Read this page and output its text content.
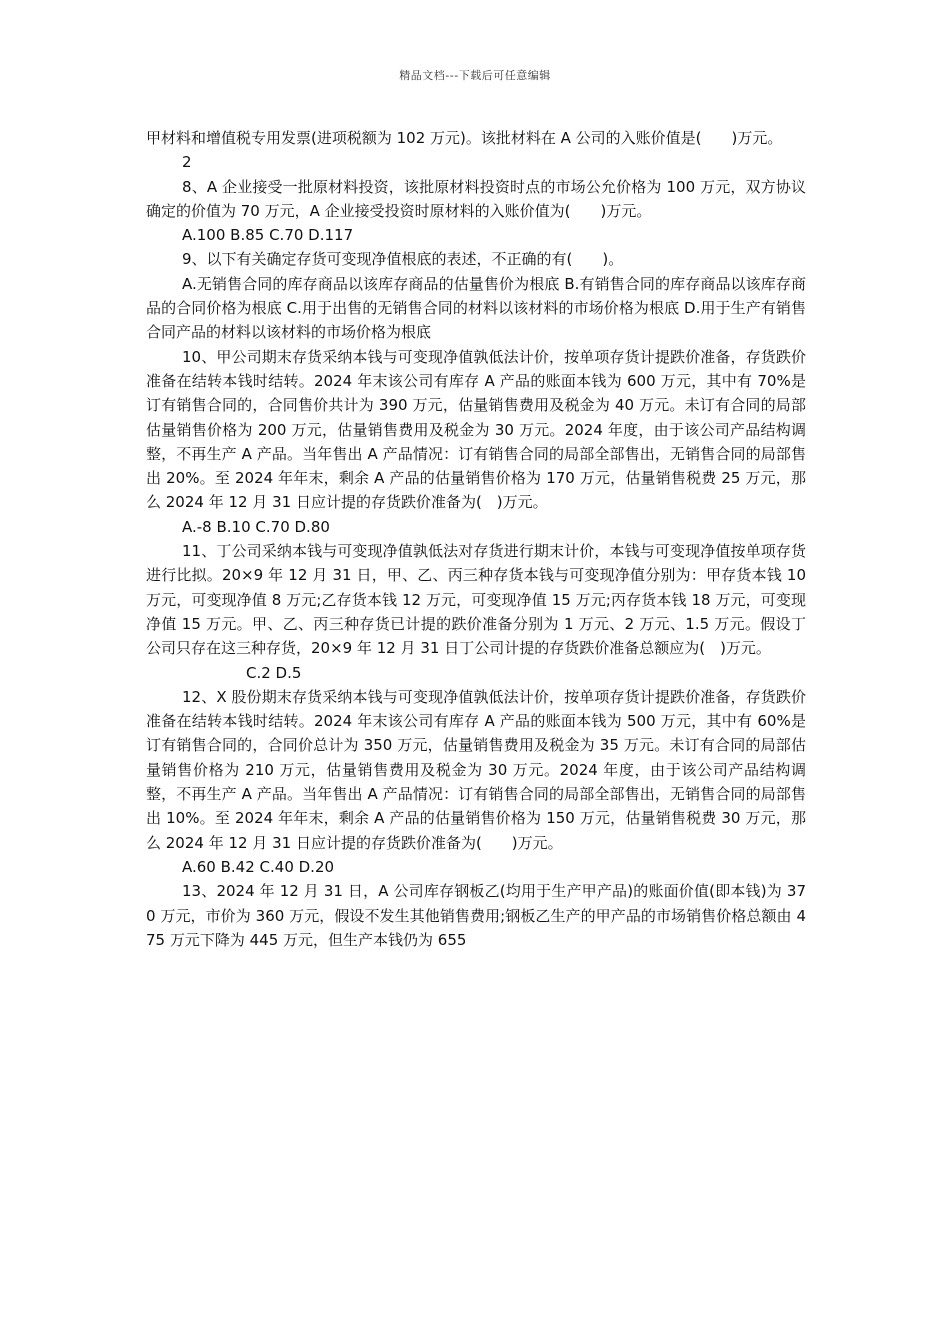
精品文档---下载后可任意编辑

甲材料和增值税专用发票(进项税额为 102 万元)。该批材料在 A 公司的入账价值是(　　)万元。

2

8、A 企业接受一批原材料投资，该批原材料投资时点的市场公允价格为 100 万元，双方协议确定的价值为 70 万元，A 企业接受投资时原材料的入账价值为(　　)万元。

A.100 B.85 C.70 D.117

9、以下有关确定存货可变现净值根底的表述，不正确的有(　　)。

A.无销售合同的库存商品以该库存商品的估量售价为根底 B.有销售合同的库存商品以该库存商品的合同价格为根底 C.用于出售的无销售合同的材料以该材料的市场价格为根底 D.用于生产有销售合同产品的材料以该材料的市场价格为根底

10、甲公司期末存货采纳本钱与可变现净值孰低法计价，按单项存货计提跌价准备，存货跌价准备在结转本钱时结转。2024 年末该公司有库存 A 产品的账面本钱为 600 万元，其中有 70%是订有销售合同的，合同售价共计为 390 万元，估量销售费用及税金为 40 万元。未订有合同的局部估量销售价格为 200 万元，估量销售费用及税金为 30 万元。2024 年度，由于该公司产品结构调整，不再生产 A 产品。当年售出 A 产品情况：订有销售合同的局部全部售出，无销售合同的局部售出 20%。至 2024 年年末，剩余 A 产品的估量销售价格为 170 万元，估量销售税费 25 万元，那么 2024 年 12 月 31 日应计提的存货跌价准备为(　)万元。

A.-8 B.10 C.70 D.80

11、丁公司采纳本钱与可变现净值孰低法对存货进行期末计价，本钱与可变现净值按单项存货进行比拟。20×9 年 12 月 31 日，甲、乙、丙三种存货本钱与可变现净值分别为：甲存货本钱 10 万元，可变现净值 8 万元;乙存货本钱 12 万元，可变现净值 15 万元;丙存货本钱 18 万元，可变现净值 15 万元。甲、乙、丙三种存货已计提的跌价准备分别为 1 万元、2 万元、1.5 万元。假设丁公司只存在这三种存货，20×9 年 12 月 31 日丁公司计提的存货跌价准备总额应为(　)万元。

C.2 D.5

12、X 股份期末存货采纳本钱与可变现净值孰低法计价，按单项存货计提跌价准备，存货跌价准备在结转本钱时结转。2024 年末该公司有库存 A 产品的账面本钱为 500 万元，其中有 60%是订有销售合同的，合同价总计为 350 万元，估量销售费用及税金为 35 万元。未订有合同的局部估量销售价格为 210 万元，估量销售费用及税金为 30 万元。2024 年度，由于该公司产品结构调整，不再生产 A 产品。当年售出 A 产品情况：订有销售合同的局部全部售出，无销售合同的局部售出 10%。至 2024 年年末，剩余 A 产品的估量销售价格为 150 万元，估量销售税费 30 万元，那么 2024 年 12 月 31 日应计提的存货跌价准备为(　　)万元。

A.60 B.42 C.40 D.20

13、2024 年 12 月 31 日，A 公司库存钢板乙(均用于生产甲产品)的账面价值(即本钱)为 370 万元，市价为 360 万元，假设不发生其他销售费用;钢板乙生产的甲产品的市场销售价格总额由 475 万元下降为 445 万元，但生产本钱仍为 655
